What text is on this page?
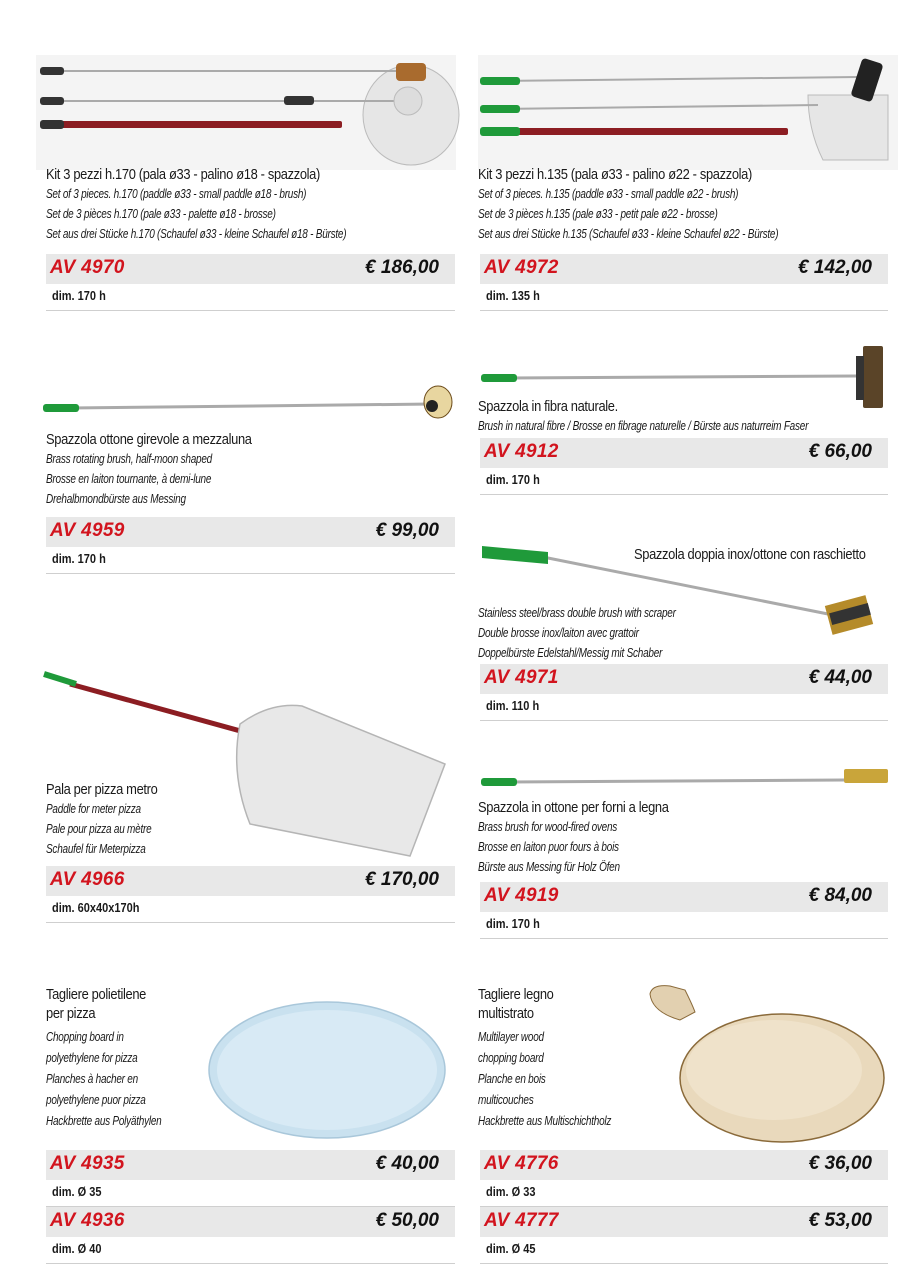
Kit 3 pezzi h.170 (pala ø33 - palino ø18 - spazzola)
Set of 3 pieces. h.170 (paddle ø33 - small paddle ø18 - brush)
Set de 3 pièces h.170 (pale ø33 - palette ø18 - brosse)
Set aus drei Stücke h.170 (Schaufel ø33 - kleine Schaufel ø18 - Bürste)
AV 4970	€ 186,00
dim. 170 h
Kit 3 pezzi h.135 (pala ø33 - palino ø22 - spazzola)
Set of 3 pieces. h.135 (paddle ø33 - small paddle ø22 - brush)
Set de 3 pièces h.135 (pale ø33 - petit pale ø22 - brosse)
Set aus drei Stücke h.135 (Schaufel ø33 - kleine Schaufel ø22 - Bürste)
AV 4972	€ 142,00
dim. 135 h
Spazzola ottone girevole a mezzaluna
Brass rotating brush, half-moon shaped
Brosse en laiton tournante, à demi-lune
Drehalbmondbürste aus Messing
AV 4959	€ 99,00
dim. 170 h
Spazzola in fibra naturale.
Brush in natural fibre / Brosse en fibrage naturelle / Bürste aus naturreim Faser
AV 4912	€ 66,00
dim. 170 h
Spazzola doppia inox/ottone con raschietto
Stainless steel/brass double brush with scraper
Double brosse inox/laiton avec grattoir
Doppelbürste Edelstahl/Messig mit Schaber
AV 4971	€ 44,00
dim. 110 h
Pala per pizza metro
Paddle for meter pizza
Pale pour pizza au mètre
Schaufel für Meterpizza
AV 4966	€ 170,00
dim. 60x40x170h
Spazzola in ottone per forni a legna
Brass brush for wood-fired ovens
Brosse en laiton puor fours à bois
Bürste aus Messing für Holz Öfen
AV 4919	€ 84,00
dim. 170 h
Tagliere polietilene
per pizza
Chopping board in
polyethylene for pizza
Planches à hacher en
polyethylene puor pizza
Hackbrette aus Polyäthylen
AV 4935	€ 40,00
dim. Ø 35
AV 4936	€ 50,00
dim. Ø 40
Tagliere legno
multistrato
Multilayer wood
chopping board
Planche en bois
multicouches
Hackbrette aus Multischichtholz
AV 4776	€ 36,00
dim. Ø 33
AV 4777	€ 53,00
dim. Ø 45
